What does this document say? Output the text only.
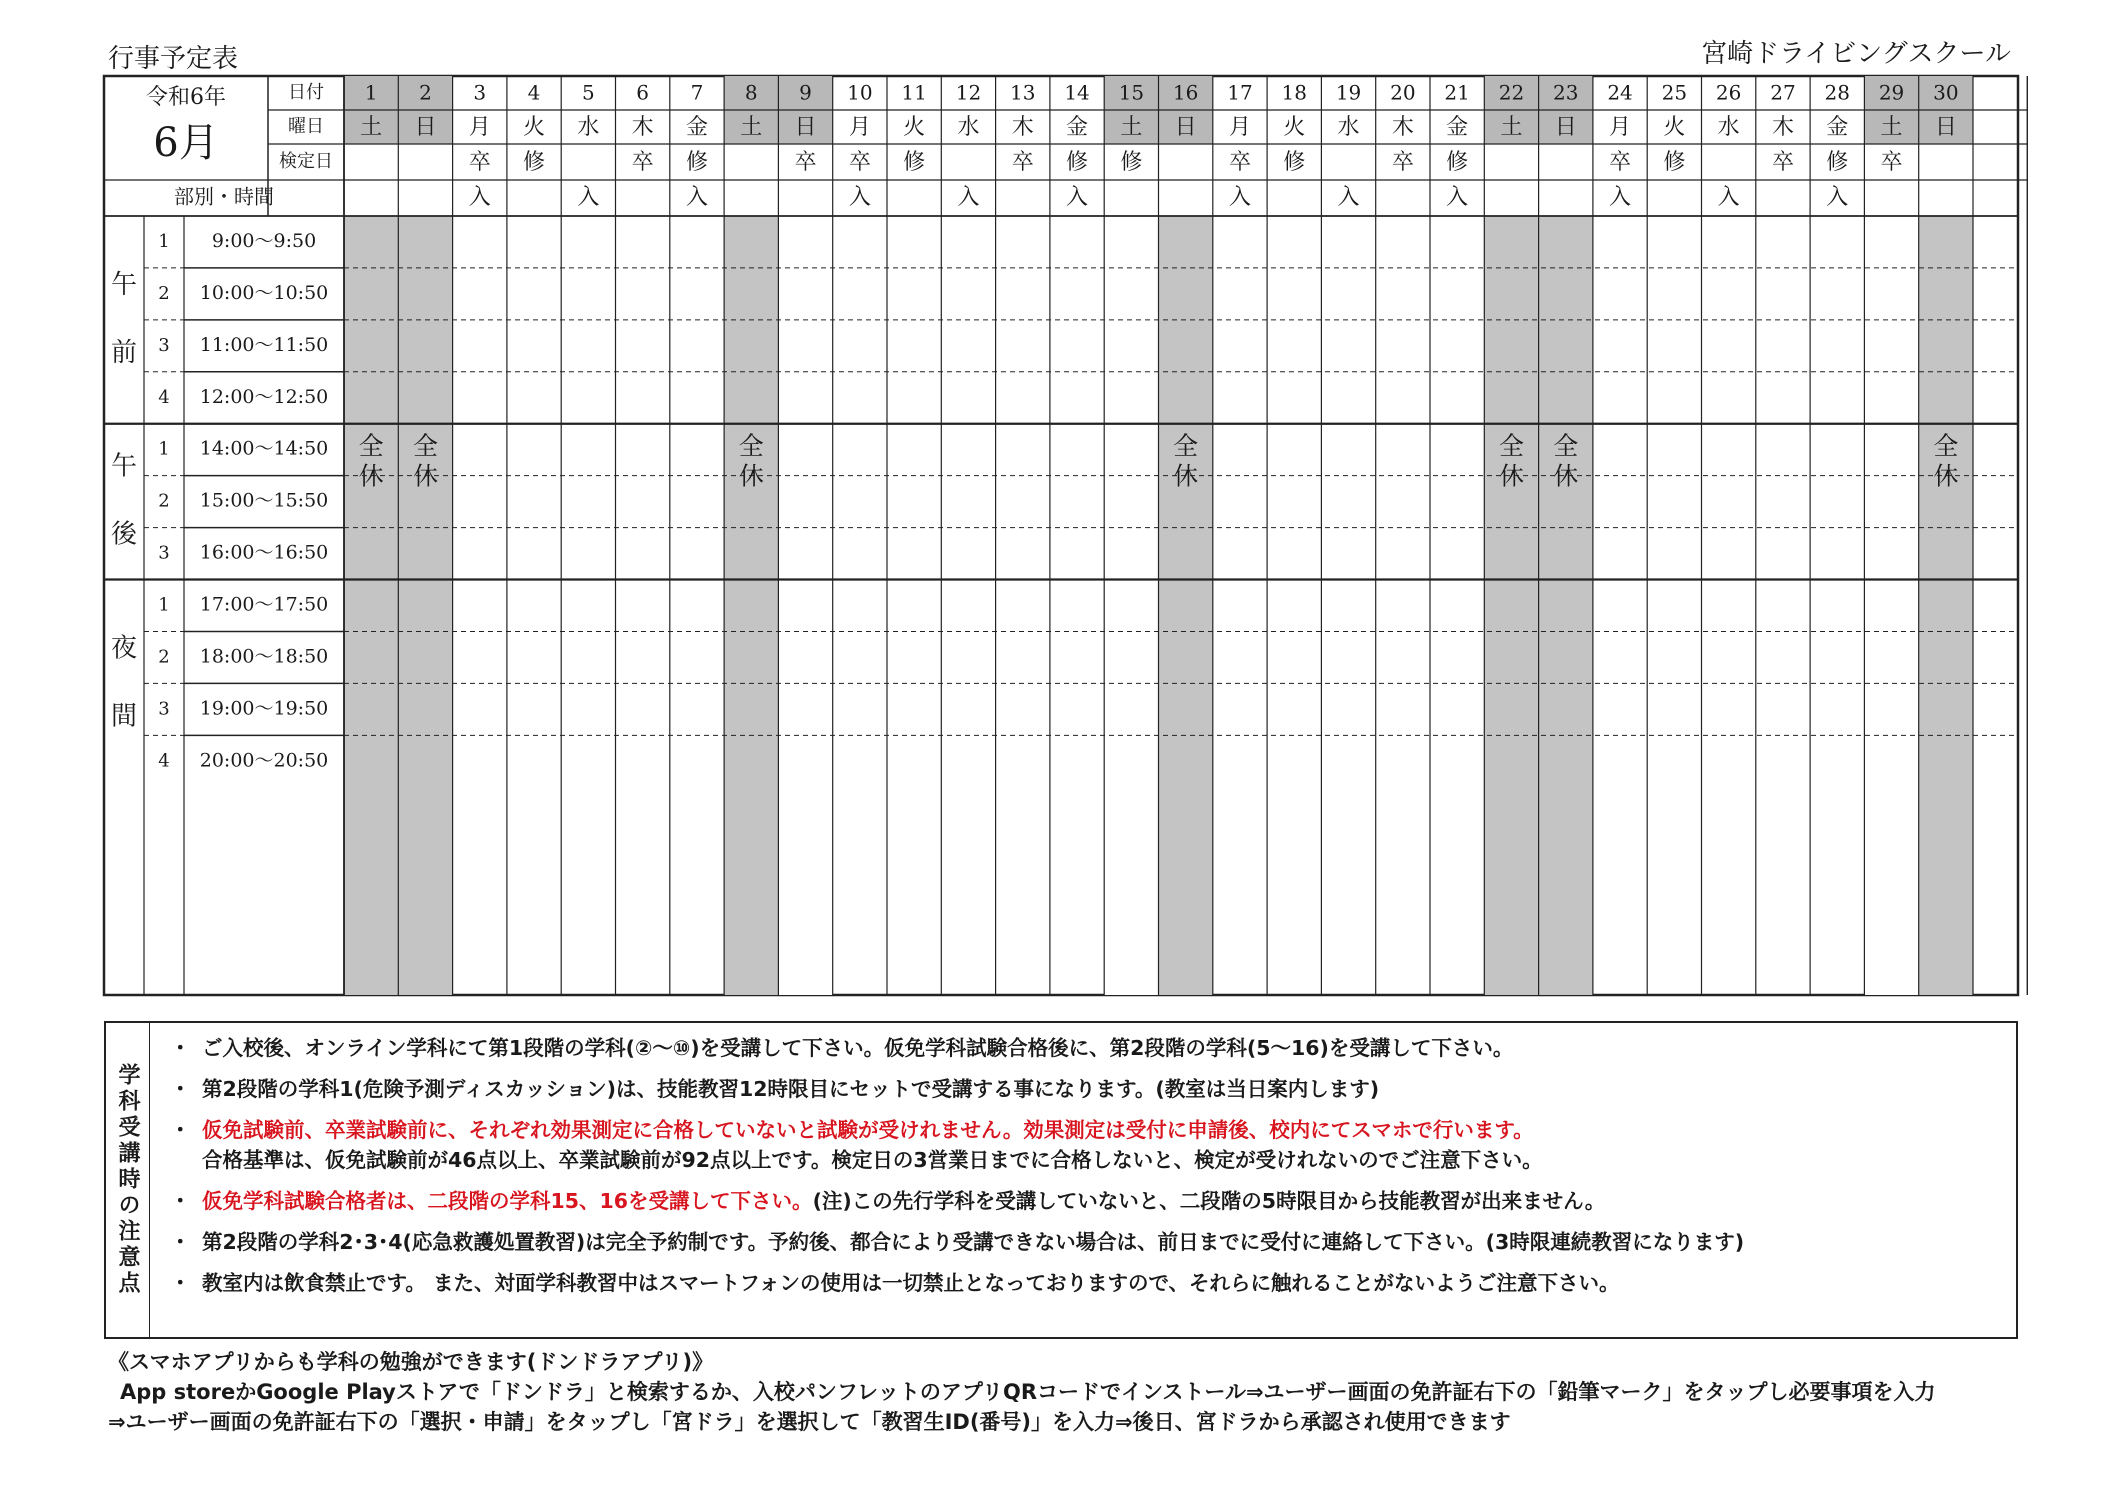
行事予定表	宮崎ドライビングスクール
令和6年
6月
日付
曜日
検定日
部別・時間
1
土
2
日
3
月
卒
入
4
火
修
5
水
入
6
木
卒
7
金
修
入
8
土
9
日
卒
10
月
卒
入
11
火
修
12
水
入
13
木
卒
14
金
修
入
15
土
修
16
日
17
月
卒
入
18
火
修
19
水
入
20
木
卒
21
金
修
入
22
土
23
日
24
月
卒
入
25
火
修
26
水
入
27
木
卒
28
金
修
入
29
土
卒
30
日
午
前
1 9:00〜9:50
2 10:00〜10:50
3 11:00〜11:50
4 12:00〜12:50
午
後
1 14:00〜14:50
2 15:00〜15:50
3 16:00〜16:50
夜
間
1 17:00〜17:50
2 18:00〜18:50
3 19:00〜19:50
4 20:00〜20:50
全
休
全
休
全
休
全
休
全
休
全
休
全
休
学科受講時の注意点
・ ご入校後、オンライン学科にて第1段階の学科(②〜⑩)を受講して下さい。仮免学科試験合格後に、第2段階の学科(5〜16)を受講して下さい。
・ 第2段階の学科1(危険予測ディスカッション)は、技能教習12時限目にセットで受講する事になります。(教室は当日案内します)
・ 仮免試験前、卒業試験前に、それぞれ効果測定に合格していないと試験が受けれません。効果測定は受付に申請後、校内にてスマホで行います。
合格基準は、仮免試験前が46点以上、卒業試験前が92点以上です。検定日の3営業日までに合格しないと、検定が受けれないのでご注意下さい。
・ 仮免学科試験合格者は、二段階の学科15、16を受講して下さい。(注)この先行学科を受講していないと、二段階の5時限目から技能教習が出来ません。
・ 第2段階の学科2･3･4(応急救護処置教習)は完全予約制です。予約後、都合により受講できない場合は、前日までに受付に連絡して下さい。(3時限連続教習になります)
・ 教室内は飲食禁止です。 また、対面学科教習中はスマートフォンの使用は一切禁止となっておりますので、それらに触れることがないようご注意下さい。
《スマホアプリからも学科の勉強ができます(ドンドラアプリ)》
App storeかGoogle Playストアで「ドンドラ」と検索するか、入校パンフレットのアプリQRコードでインストール⇒ユーザー画面の免許証右下の「鉛筆マーク」をタップし必要事項を入力
⇒ユーザー画面の免許証右下の「選択・申請」をタップし「宮ドラ」を選択して「教習生ID(番号)」を入力⇒後日、宮ドラから承認され使用できます
